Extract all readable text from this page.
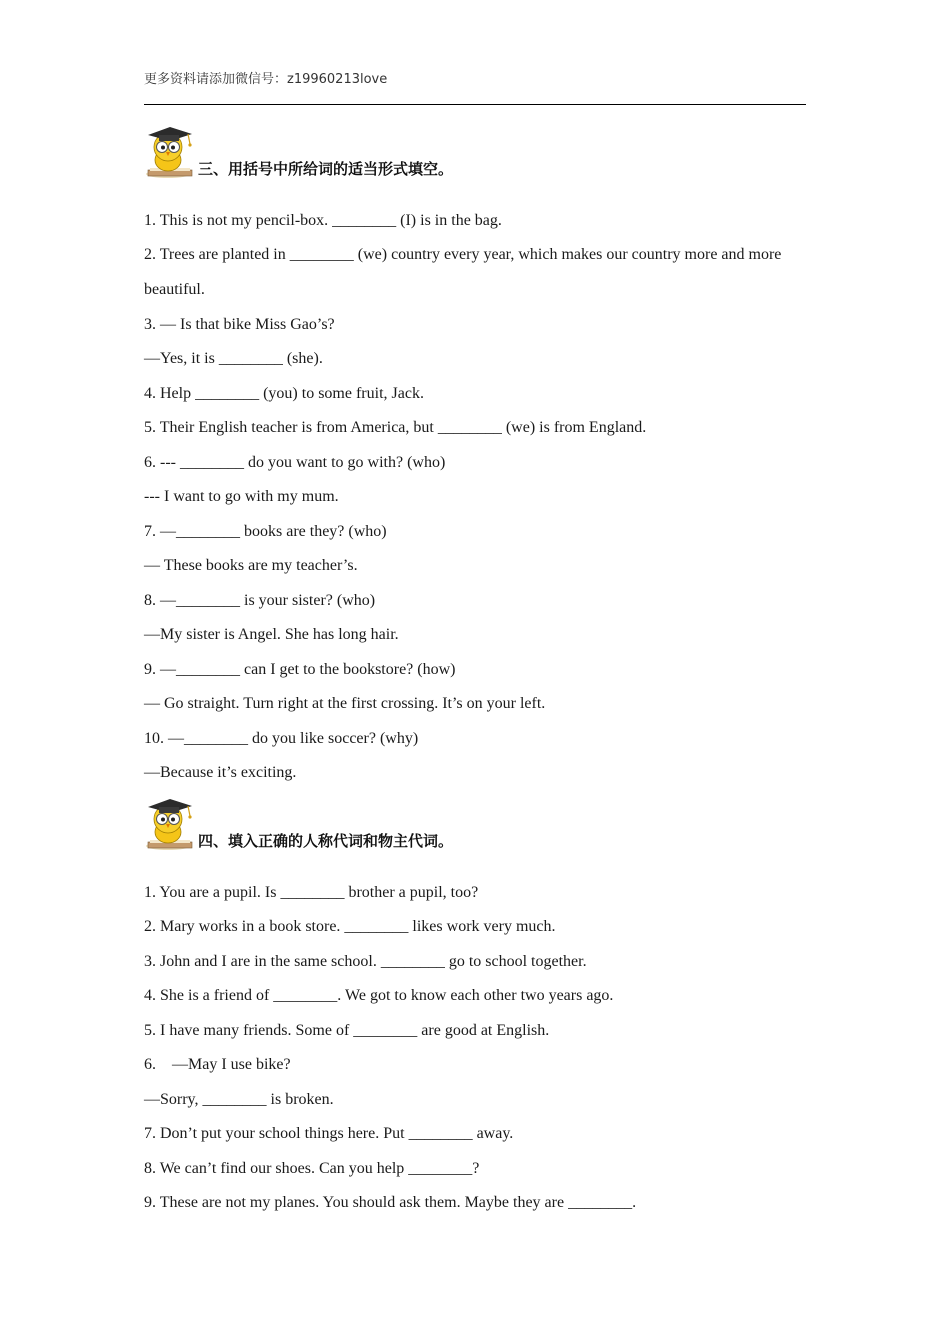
更多资料请添加微信号：z19960213love
三、用括号中所给词的适当形式填空。
1. This is not my pencil-box. ________ (I) is in the bag.
2. Trees are planted in ________ (we) country every year, which makes our country more and more beautiful.
3. — Is that bike Miss Gao’s?
—Yes, it is ________ (she).
4. Help ________ (you) to some fruit, Jack.
5. Their English teacher is from America, but ________ (we) is from England.
6. --- ________ do you want to go with? (who)
--- I want to go with my mum.
7. —________ books are they? (who)
— These books are my teacher’s.
8. —________ is your sister? (who)
—My sister is Angel. She has long hair.
9. —________ can I get to the bookstore? (how)
— Go straight. Turn right at the first crossing. It’s on your left.
10. —________ do you like soccer? (why)
—Because it’s exciting.
四、填入正确的人称代词和物主代词。
1. You are a pupil. Is ________ brother a pupil, too?
2. Mary works in a book store. ________ likes work very much.
3. John and I are in the same school. ________ go to school together.
4. She is a friend of ________. We got to know each other two years ago.
5. I have many friends. Some of ________ are good at English.
6.    —May I use bike?
—Sorry, ________ is broken.
7. Don’t put your school things here. Put ________ away.
8. We can’t find our shoes. Can you help ________?
9. These are not my planes. You should ask them. Maybe they are ________.
